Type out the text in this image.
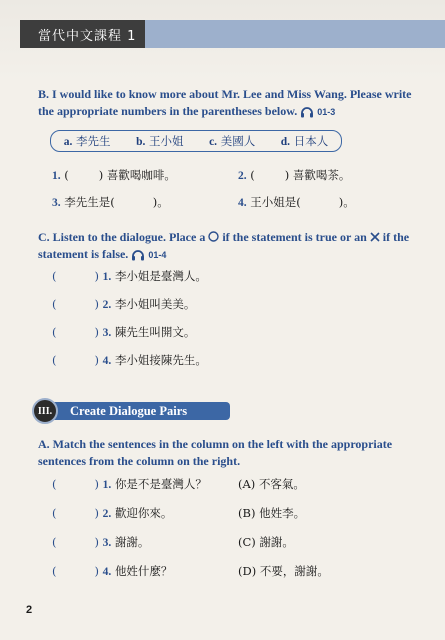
當代中文課程 1
B. I would like to know more about Mr. Lee and Miss Wang. Please write the appropriate numbers in the parentheses below. 01-3
a. 李先生 b. 王小姐 c. 美國人 d. 日本人
1. (	) 喜歡喝咖啡。	2. (	) 喜歡喝茶。
3. 李先生是(	)。	4. 王小姐是(	)。
C. Listen to the dialogue. Place a if the statement is true or an if the statement is false. 01-4
(	) 1. 李小姐是臺灣人。
(	) 2. 李小姐叫美美。
(	) 3. 陳先生叫開文。
(	) 4. 李小姐接陳先生。
Create Dialogue Pairs
III.
A. Match the sentences in the column on the left with the appropriate sentences from the column on the right.
(	) 1. 你是不是臺灣人？	(A) 不客氣。
(	) 2. 歡迎你來。	(B) 他姓李。
(	) 3. 謝謝。	(C) 謝謝。
(	) 4. 他姓什麼？	(D) 不要，謝謝。
2
